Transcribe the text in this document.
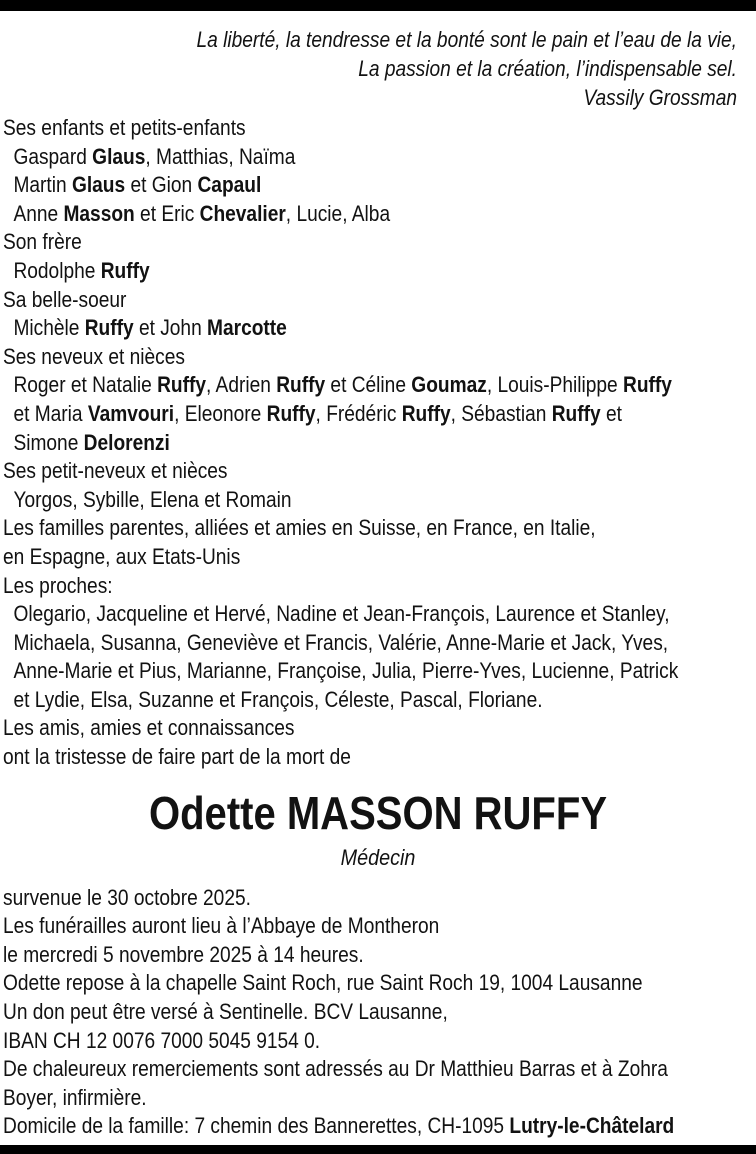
La liberté, la tendresse et la bonté sont le pain et l’eau de la vie,
La passion et la création, l’indispensable sel.
Vassily Grossman
Ses enfants et petits-enfants
Gaspard Glaus, Matthias, Naïma
Martin Glaus et Gion Capaul
Anne Masson et Eric Chevalier, Lucie, Alba
Son frère
Rodolphe Ruffy
Sa belle-soeur
Michèle Ruffy et John Marcotte
Ses neveux et nièces
Roger et Natalie Ruffy, Adrien Ruffy et Céline Goumaz, Louis-Philippe Ruffy
et Maria Vamvouri, Eleonore Ruffy, Frédéric Ruffy, Sébastian Ruffy et
Simone Delorenzi
Ses petit-neveux et nièces
Yorgos, Sybille, Elena et Romain
Les familles parentes, alliées et amies en Suisse, en France, en Italie,
en Espagne, aux Etats-Unis
Les proches:
Olegario, Jacqueline et Hervé, Nadine et Jean-François, Laurence et Stanley,
Michaela, Susanna, Geneviève et Francis, Valérie, Anne-Marie et Jack, Yves,
Anne-Marie et Pius, Marianne, Françoise, Julia, Pierre-Yves, Lucienne, Patrick
et Lydie, Elsa, Suzanne et François, Céleste, Pascal, Floriane.
Les amis, amies et connaissances
ont la tristesse de faire part de la mort de
Odette MASSON RUFFY
Médecin
survenue le 30 octobre 2025.
Les funérailles auront lieu à l’Abbaye de Montheron
le mercredi 5 novembre 2025 à 14 heures.
Odette repose à la chapelle Saint Roch, rue Saint Roch 19, 1004 Lausanne
Un don peut être versé à Sentinelle. BCV Lausanne,
IBAN CH 12 0076 7000 5045 9154 0.
De chaleureux remerciements sont adressés au Dr Matthieu Barras et à Zohra
Boyer, infirmière.
Domicile de la famille: 7 chemin des Bannerettes, CH-1095 Lutry-le-Châtelard
